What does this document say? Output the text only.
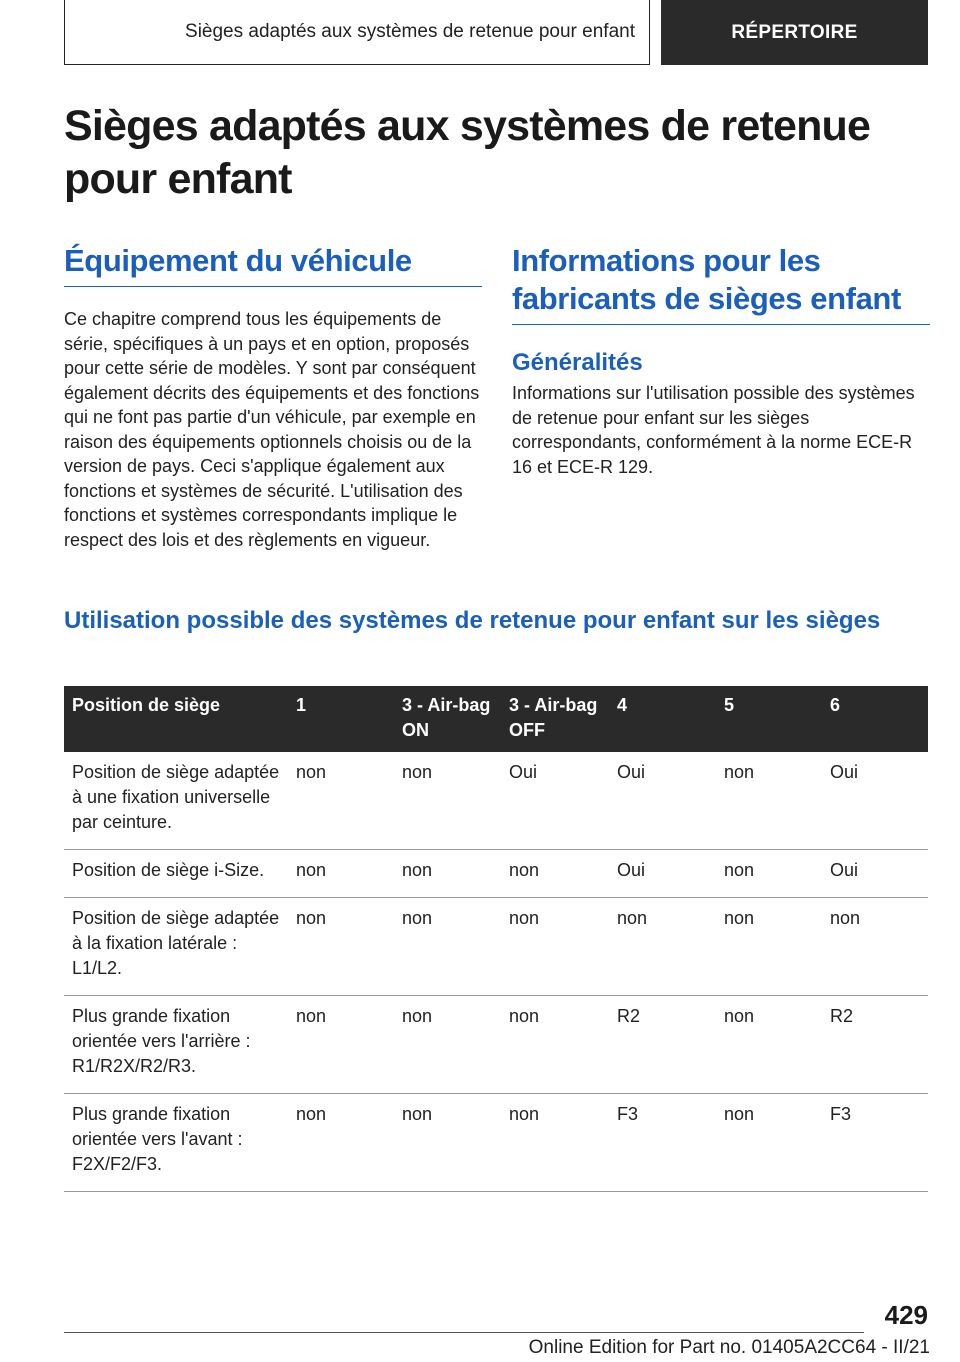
Sièges adaptés aux systèmes de retenue pour enfant	RÉPERTOIRE
Sièges adaptés aux systèmes de retenue pour enfant
Équipement du véhicule

Ce chapitre comprend tous les équipements de série, spécifiques à un pays et en option, proposés pour cette série de modèles. Y sont par conséquent également décrits des équipements et des fonctions qui ne font pas partie d'un véhicule, par exemple en raison des équipements optionnels choisis ou de la version de pays. Ceci s'applique également aux fonctions et systèmes de sécurité. L'utilisation des fonctions et systèmes correspondants implique le respect des lois et des règlements en vigueur.

Informations pour les fabricants de sièges enfant
Généralités

Informations sur l'utilisation possible des systèmes de retenue pour enfant sur les sièges correspondants, conformément à la norme ECE-R 16 et ECE-R 129.

Utilisation possible des systèmes de retenue pour enfant sur les sièges
Position de siège	1	3 - Air-bag ON	3 - Air-bag OFF	4	5	6
Position de siège adaptée à une fixation universelle par ceinture.	non	non	Oui	Oui	non	Oui
Position de siège i-Size.	non	non	non	Oui	non	Oui
Position de siège adaptée à la fixation latérale : L1/L2.	non	non	non	non	non	non
Plus grande fixation orientée vers l'arrière : R1/R2X/R2/R3.	non	non	non	R2	non	R2
Plus grande fixation orientée vers l'avant : F2X/F2/F3.	non	non	non	F3	non	F3
429
Online Edition for Part no. 01405A2CC64 - II/21
